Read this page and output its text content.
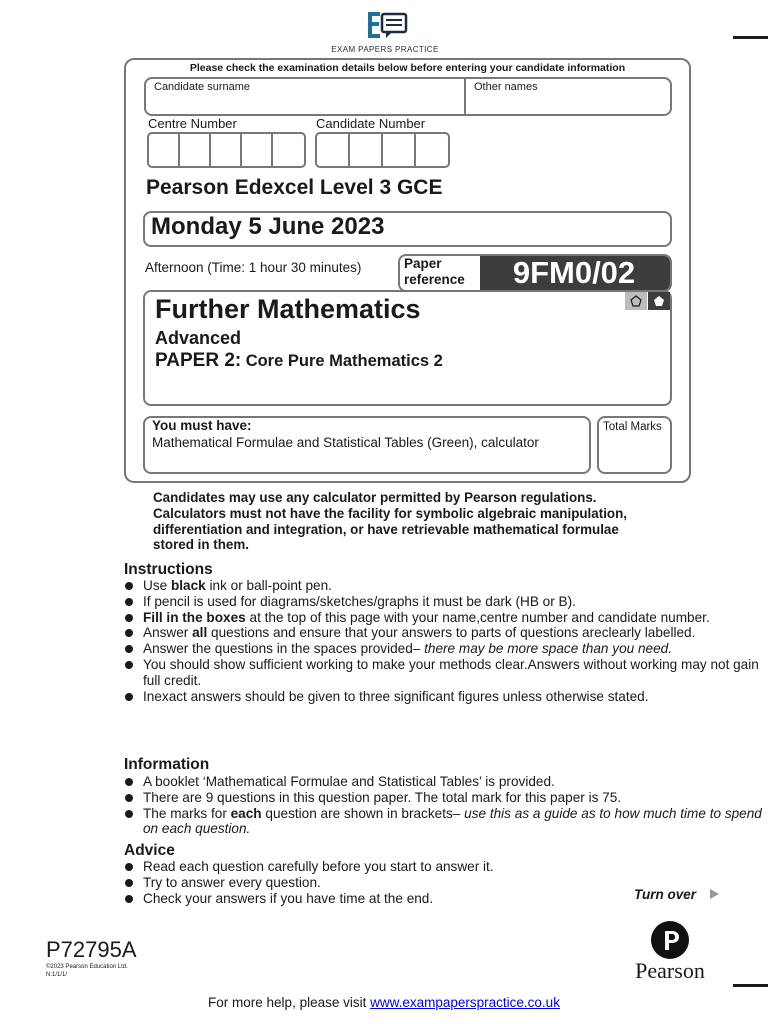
EXAM PAPERS PRACTICE
Please check the examination details below before entering your candidate information
Candidate surname	Other names
Centre Number	Candidate Number
Pearson Edexcel Level 3 GCE
Monday 5 June 2023
Afternoon (Time: 1 hour 30 minutes)	Paper
reference	9FM0/02
Further Mathematics
Advanced
PAPER 2: Core Pure Mathematics 2
You must have:
Mathematical Formulae and Statistical Tables (Green), calculator
Total Marks
Candidates may use any calculator permitted by Pearson regulations.
Calculators must not have the facility for symbolic algebraic manipulation,
differentiation and integration, or have retrievable mathematical formulae
stored in them.
Instructions
Use black ink or ball-point pen.
If pencil is used for diagrams/sketches/graphs it must be dark (HB or B).
Fill in the boxes at the top of this page with your name,centre number and candidate number.
Answer all questions and ensure that your answers to parts of questions areclearly labelled.
Answer the questions in the spaces provided– there may be more space than you need.
You should show sufficient working to make your methods clear.Answers without working may not gain full credit.
Inexact answers should be given to three significant figures unless otherwise stated.
Information
A booklet ‘Mathematical Formulae and Statistical Tables’ is provided.
There are 9 questions in this question paper. The total mark for this paper is 75.
The marks for each question are shown in brackets– use this as a guide as to how much time to spend on each question.
Advice
Read each question carefully before you start to answer it.
Try to answer every question.
Check your answers if you have time at the end.	Turn over
P72795A
©2023 Pearson Education Ltd.
N:1/1/1/	Pearson
For more help, please visit www.exampaperspractice.co.uk
